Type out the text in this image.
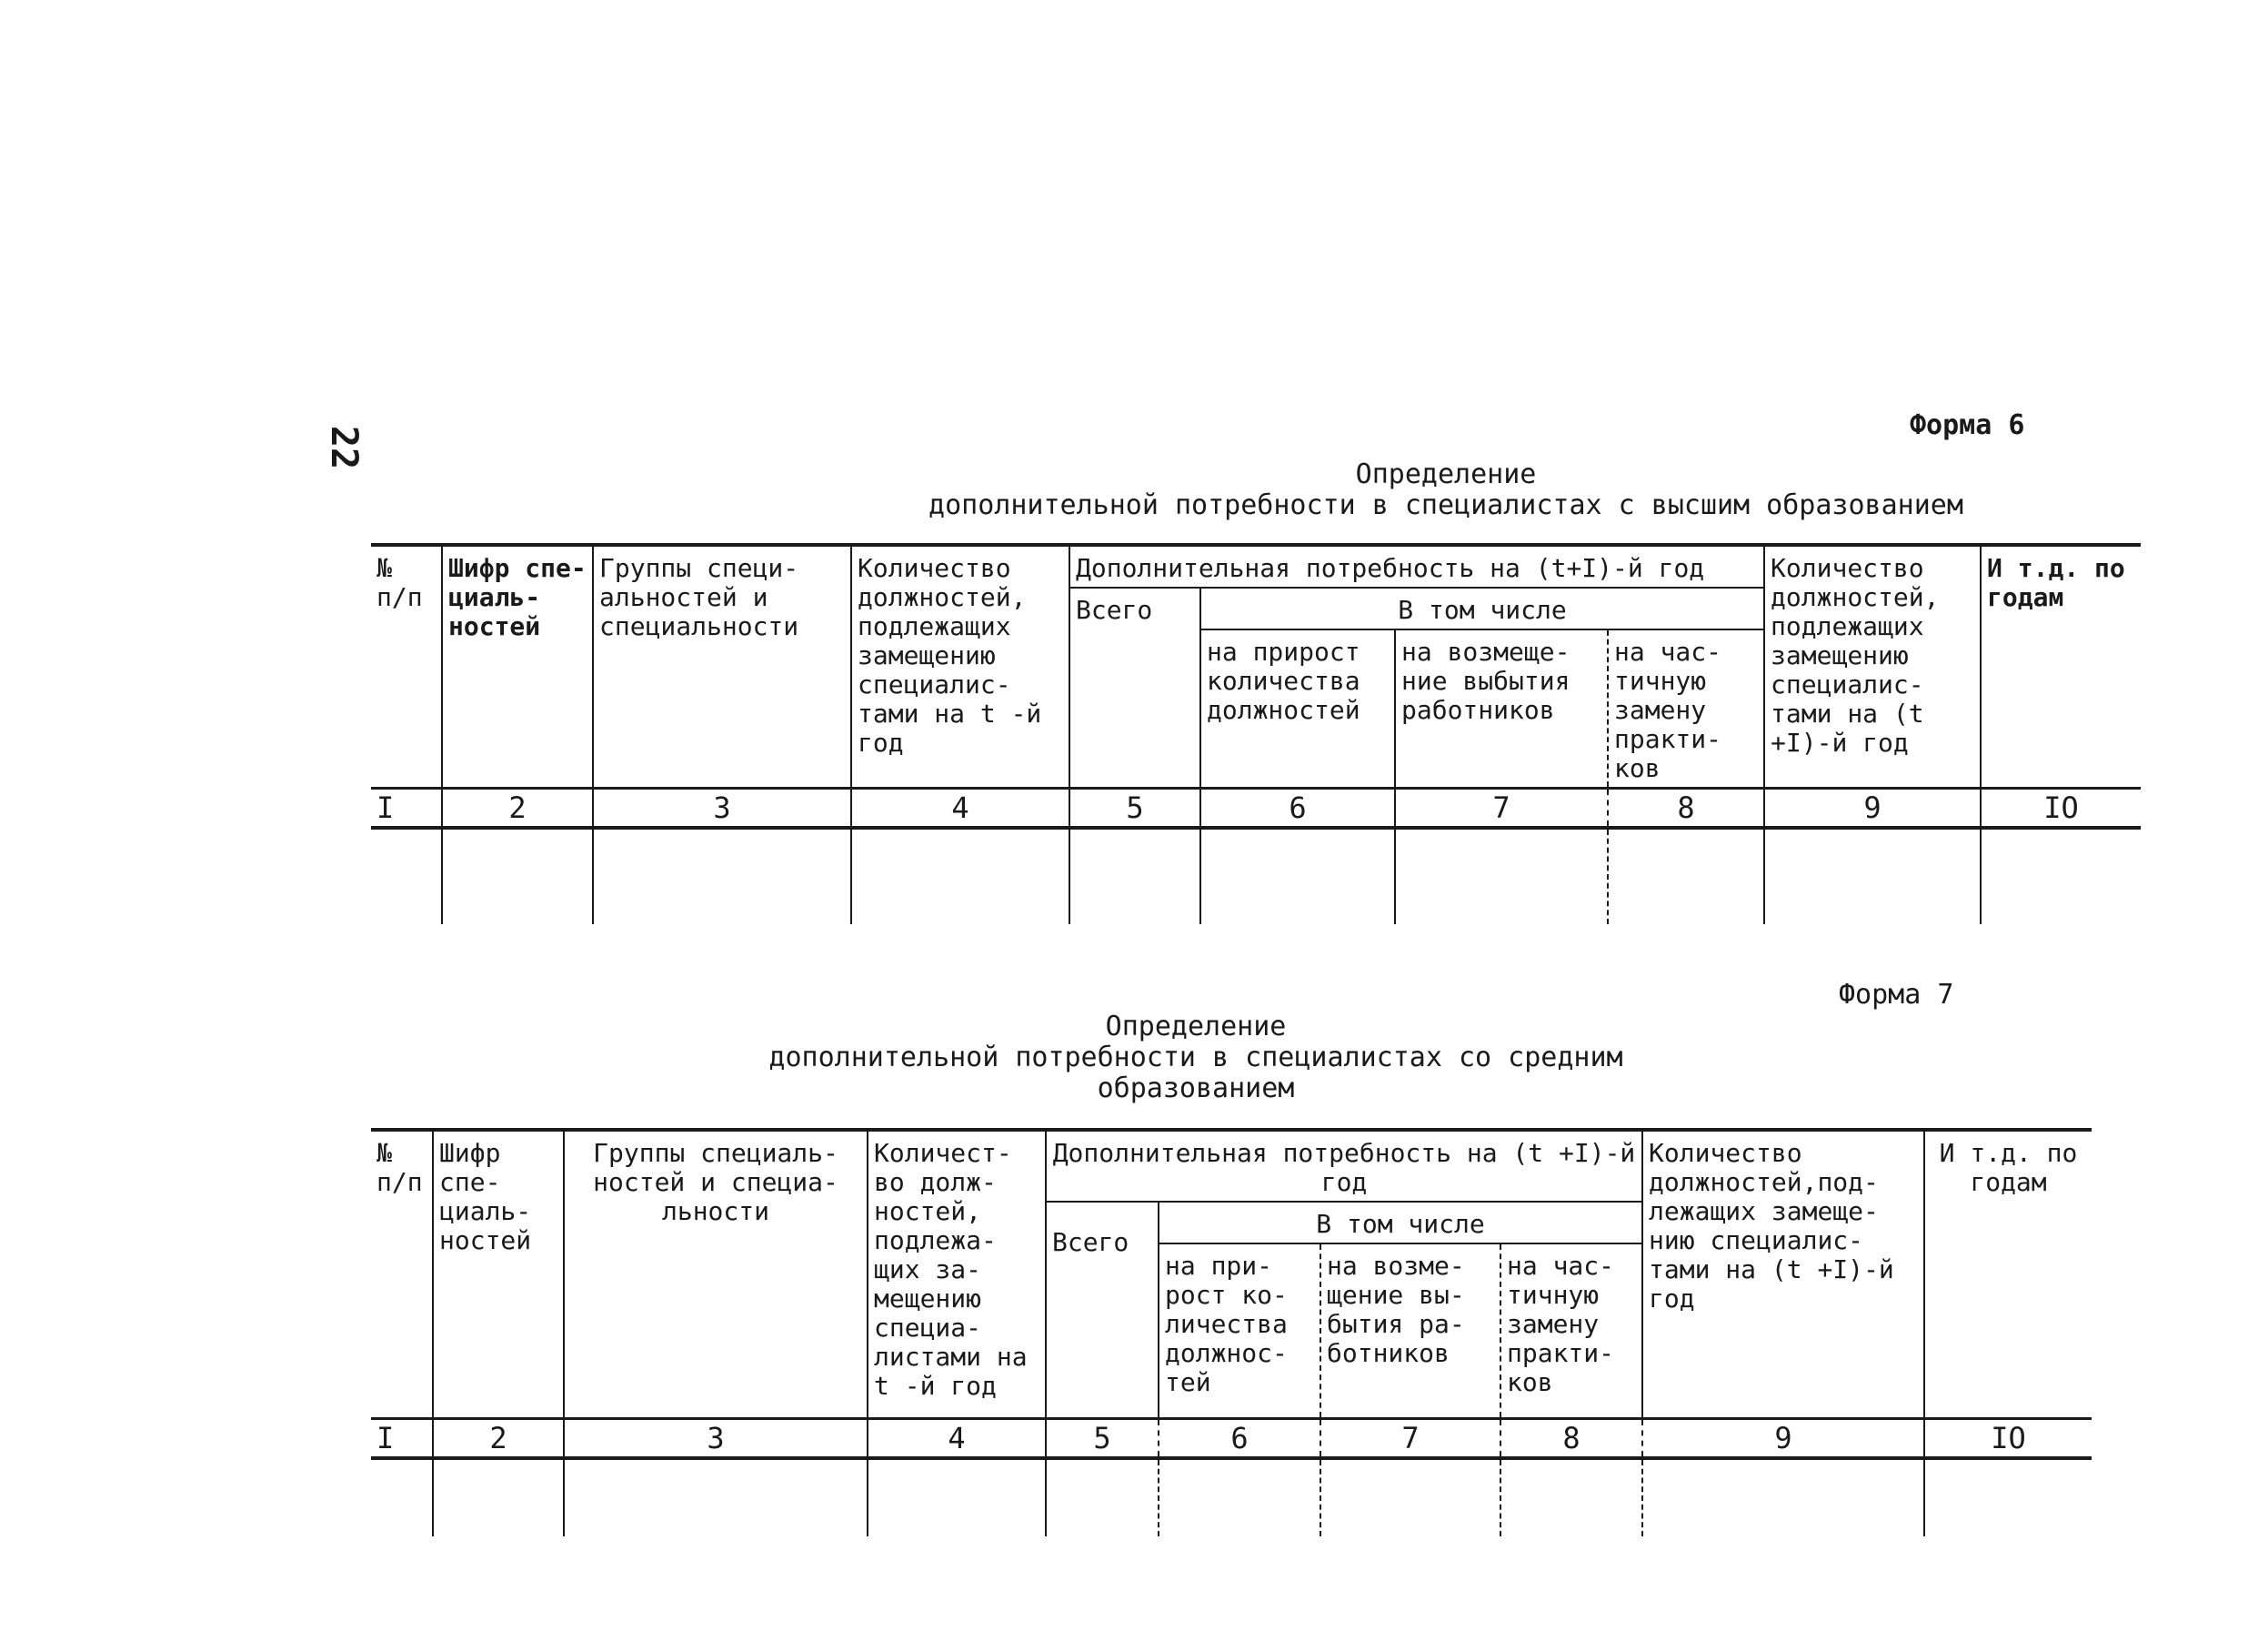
22
Форма 6
Определение
дополнительной потребности в специалистах с высшим образованием
№ п/п	Шифр спе-циаль-ностей	Группы специ-альностей и специальности	Количество должностей, подлежащих замещению специалис-тами на t -й год	Дополнительная потребность на (t+I)-й год				Количество должностей, подлежащих замещению специалис-тами на (t +I)-й год	И т.д. по годам
				Всего	В том числе				
					на прирост количества должностей	на возмеще-ние выбытия работников	на час-тичную замену практи-ков		
I	2	3	4	5	6	7	8	9	IO

Форма 7
Определение
дополнительной потребности в специалистах со средним
образованием
№ п/п	Шифр спе-циаль-ностей	Группы специаль-ностей и специа-льности	Количест-во долж-ностей, подлежа-щих за-мещению специа-листами на t -й год	Дополнительная потребность на (t +I)-й год				Количество должностей,под-лежащих замеще-нию специалис-тами на (t +I)-й год	И т.д. по годам
				Всего	В том числе				
					на при-рост ко-личества должнос-тей	на возме-щение вы-бытия ра-ботников	на час-тичную замену практи-ков		
I	2	3	4	5	6	7	8	9	IO
